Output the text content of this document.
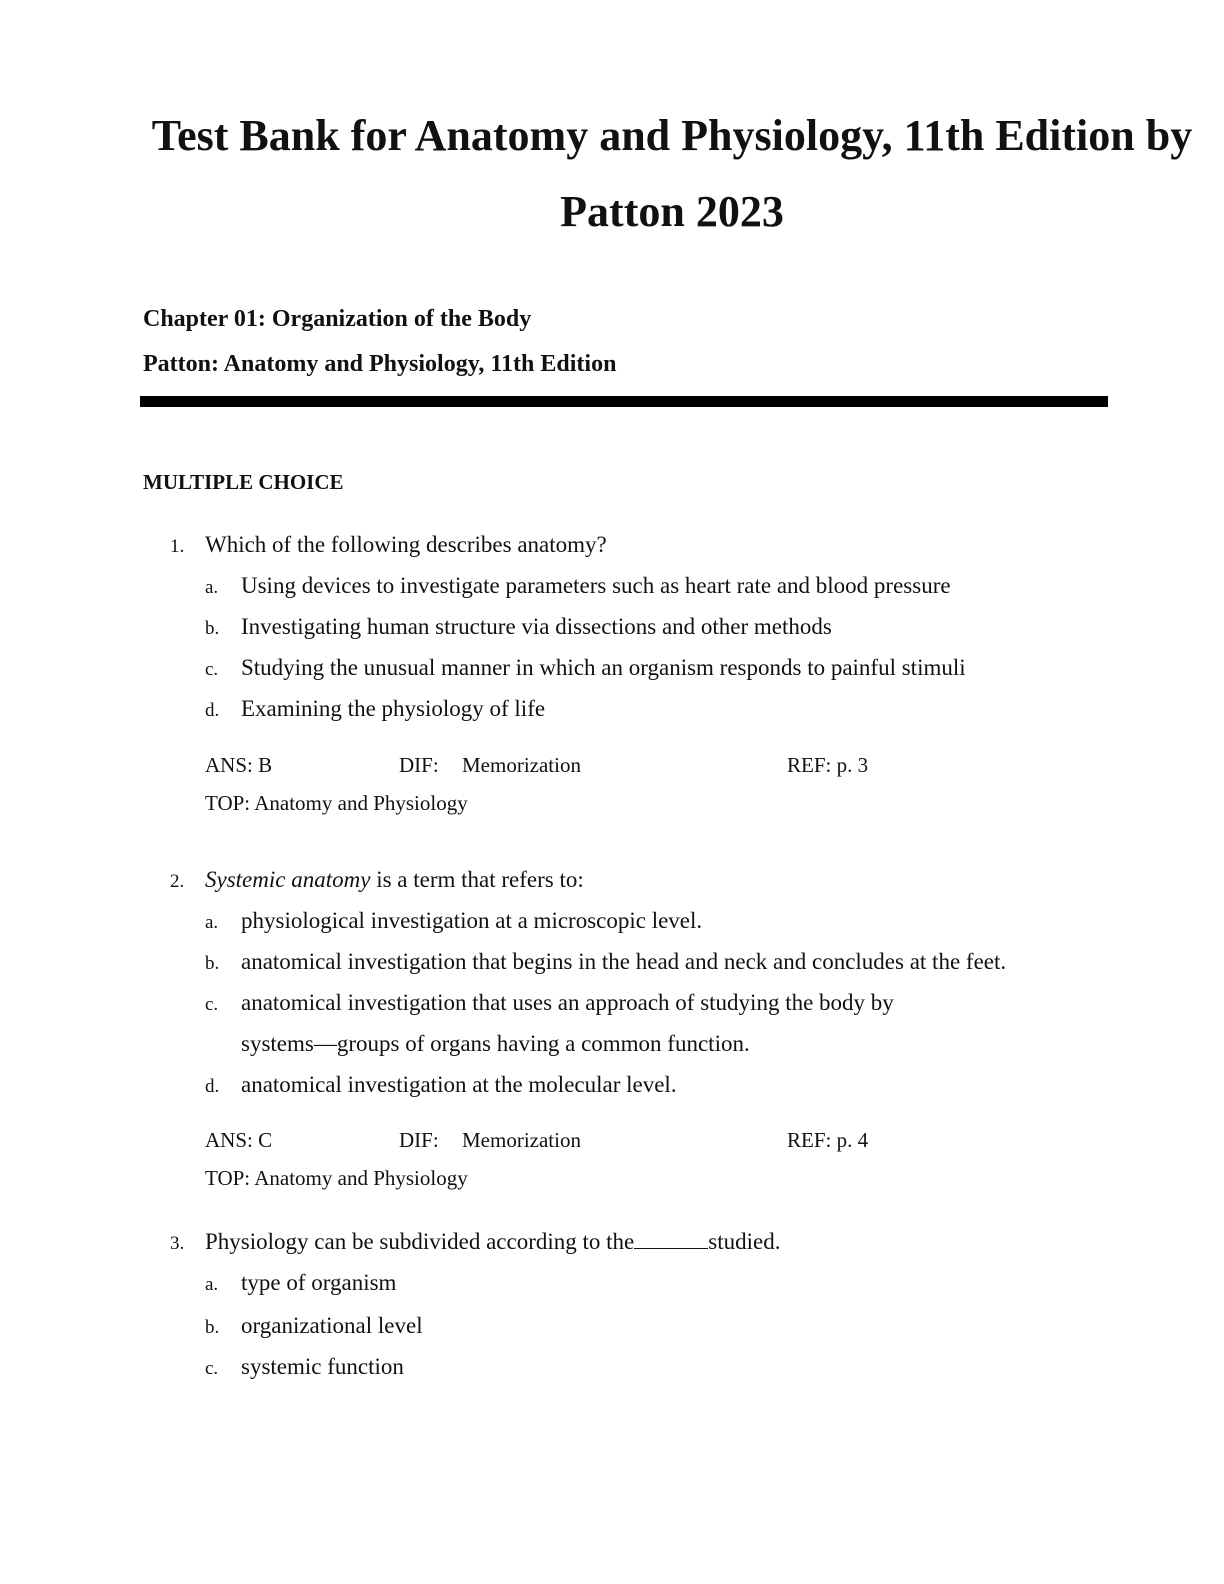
Test Bank for Anatomy and Physiology, 11th Edition by
Patton 2023
Chapter 01: Organization of the Body
Patton: Anatomy and Physiology, 11th Edition
MULTIPLE CHOICE
1. Which of the following describes anatomy?
a. Using devices to investigate parameters such as heart rate and blood pressure
b. Investigating human structure via dissections and other methods
c. Studying the unusual manner in which an organism responds to painful stimuli
d. Examining the physiology of life
ANS: B	DIF: Memorization	REF: p. 3
TOP: Anatomy and Physiology
2. Systemic anatomy is a term that refers to:
a. physiological investigation at a microscopic level.
b. anatomical investigation that begins in the head and neck and concludes at the feet.
c. anatomical investigation that uses an approach of studying the body by
systems—groups of organs having a common function.
d. anatomical investigation at the molecular level.
ANS: C	DIF: Memorization	REF: p. 4
TOP: Anatomy and Physiology
3. Physiology can be subdivided according to the	studied.
a. type of organism
b. organizational level
c. systemic function
